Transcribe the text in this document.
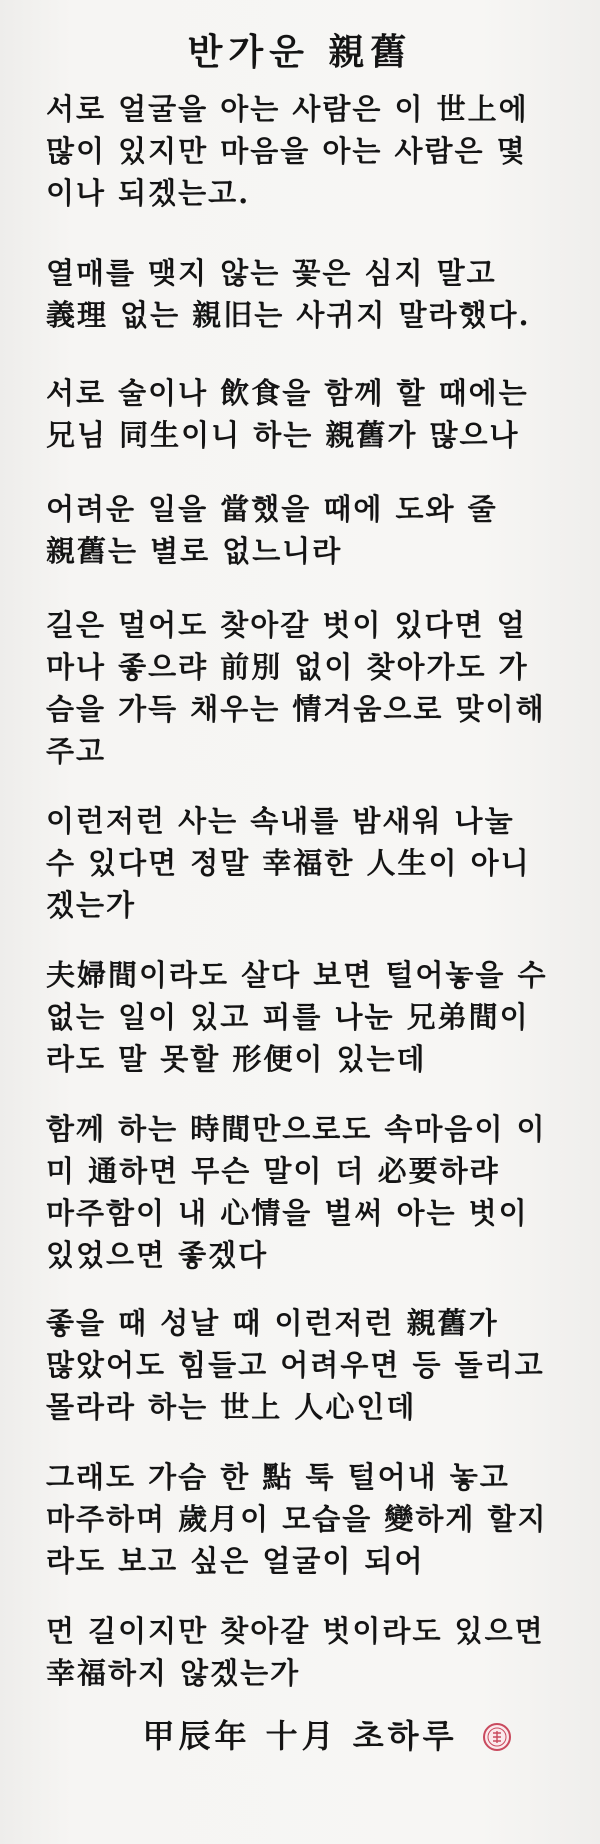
반가운 親舊
서로 얼굴을 아는 사람은 이 世上에
많이 있지만 마음을 아는 사람은 몇
이나 되겠는고.
열매를 맺지 않는 꽃은 심지 말고
義理 없는 親旧는 사귀지 말라했다.
서로 술이나 飲食을 함께 할 때에는
兄님 同生이니 하는 親舊가 많으나
어려운 일을 當했을 때에 도와 줄
親舊는 별로 없느니라
길은 멀어도 찾아갈 벗이 있다면 얼
마나 좋으랴 前別 없이 찾아가도 가
슴을 가득 채우는 情겨움으로 맞이해
주고
이런저런 사는 속내를 밤새워 나눌
수 있다면 정말 幸福한 人生이 아니
겠는가
夫婦間이라도 살다 보면 털어놓을 수
없는 일이 있고 피를 나눈 兄弟間이
라도 말 못할 形便이 있는데
함께 하는 時間만으로도 속마음이 이
미 通하면 무슨 말이 더 必要하랴
마주함이 내 心情을 벌써 아는 벗이
있었으면 좋겠다
좋을 때 성날 때 이런저런 親舊가
많았어도 힘들고 어려우면 등 돌리고
몰라라 하는 世上 人心인데
그래도 가슴 한 點 툭 털어내 놓고
마주하며 歲月이 모습을 變하게 할지
라도 보고 싶은 얼굴이 되어
먼 길이지만 찾아갈 벗이라도 있으면
幸福하지 않겠는가
甲辰年 十月 초하루
